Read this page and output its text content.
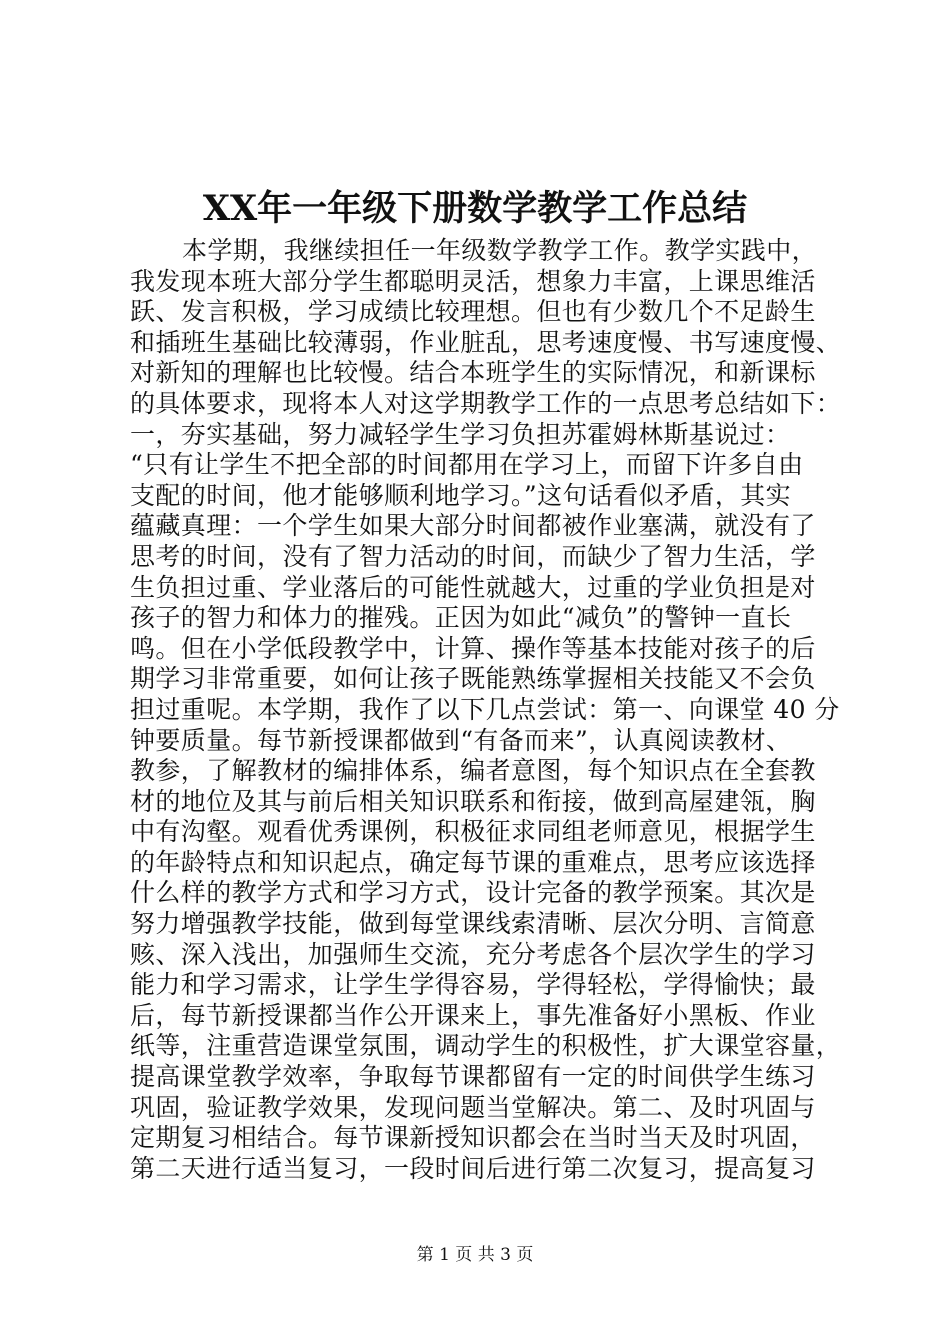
XX年一年级下册数学教学工作总结
本学期，我继续担任一年级数学教学工作。教学实践中，
我发现本班大部分学生都聪明灵活，想象力丰富，上课思维活
跃、发言积极，学习成绩比较理想。但也有少数几个不足龄生
和插班生基础比较薄弱，作业脏乱，思考速度慢、书写速度慢、
对新知的理解也比较慢。结合本班学生的实际情况，和新课标
的具体要求，现将本人对这学期教学工作的一点思考总结如下：
一，夯实基础，努力减轻学生学习负担苏霍姆林斯基说过：
“只有让学生不把全部的时间都用在学习上，而留下许多自由
支配的时间，他才能够顺利地学习。”这句话看似矛盾，其实
蕴藏真理：一个学生如果大部分时间都被作业塞满，就没有了
思考的时间，没有了智力活动的时间，而缺少了智力生活，学
生负担过重、学业落后的可能性就越大，过重的学业负担是对
孩子的智力和体力的摧残。正因为如此“减负”的警钟一直长
鸣。但在小学低段教学中，计算、操作等基本技能对孩子的后
期学习非常重要，如何让孩子既能熟练掌握相关技能又不会负
担过重呢。本学期，我作了以下几点尝试：第一、向课堂 40 分
钟要质量。每节新授课都做到“有备而来”，认真阅读教材、
教参，了解教材的编排体系，编者意图，每个知识点在全套教
材的地位及其与前后相关知识联系和衔接，做到高屋建瓴，胸
中有沟壑。观看优秀课例，积极征求同组老师意见，根据学生
的年龄特点和知识起点，确定每节课的重难点，思考应该选择
什么样的教学方式和学习方式，设计完备的教学预案。其次是
努力增强教学技能，做到每堂课线索清晰、层次分明、言简意
赅、深入浅出，加强师生交流，充分考虑各个层次学生的学习
能力和学习需求，让学生学得容易，学得轻松，学得愉快；最
后，每节新授课都当作公开课来上，事先准备好小黑板、作业
纸等，注重营造课堂氛围，调动学生的积极性，扩大课堂容量，
提高课堂教学效率，争取每节课都留有一定的时间供学生练习
巩固，验证教学效果，发现问题当堂解决。第二、及时巩固与
定期复习相结合。每节课新授知识都会在当时当天及时巩固，
第二天进行适当复习，一段时间后进行第二次复习，提高复习
第 1 页 共 3 页
